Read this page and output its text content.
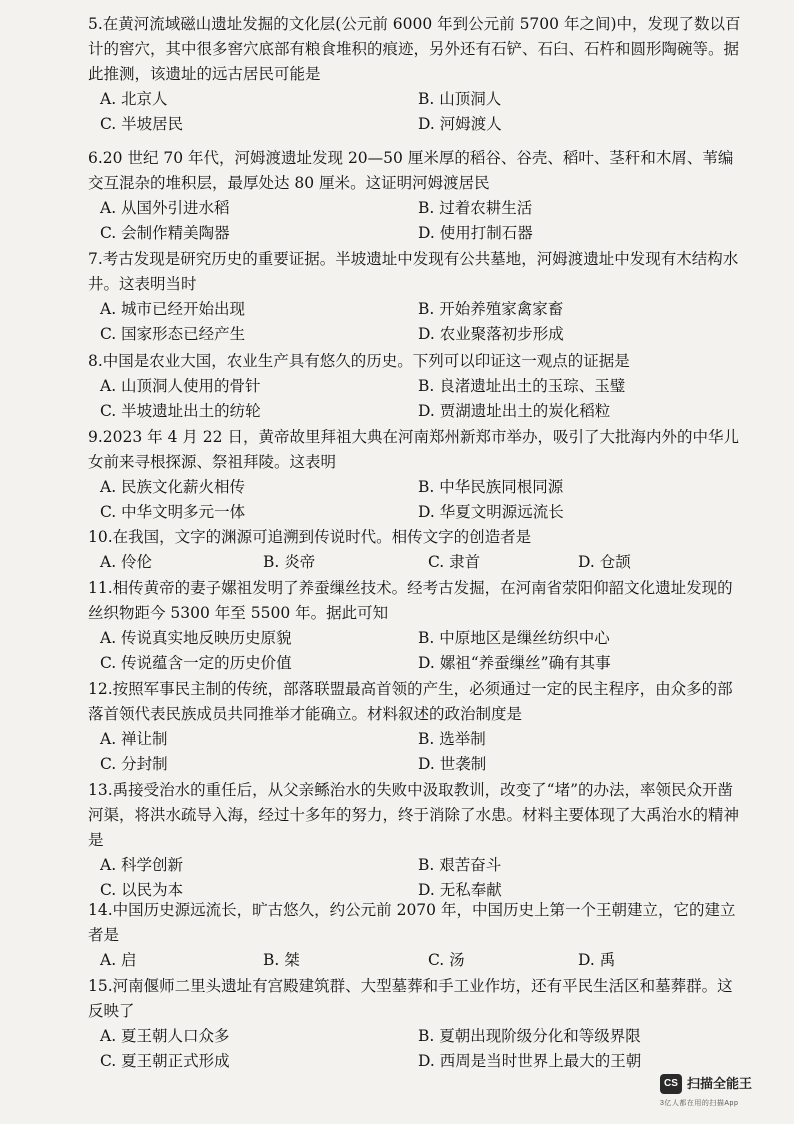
5.在黄河流域磁山遗址发掘的文化层(公元前 6000 年到公元前 5700 年之间)中，发现了数以百计的窖穴，其中很多窖穴底部有粮食堆积的痕迹，另外还有石铲、石臼、石杵和圆形陶碗等。据此推测，该遗址的远古居民可能是

A. 北京人	B. 山顶洞人
C. 半坡居民	D. 河姆渡人

6.20 世纪 70 年代，河姆渡遗址发现 20—50 厘米厚的稻谷、谷壳、稻叶、茎秆和木屑、苇编交互混杂的堆积层，最厚处达 80 厘米。这证明河姆渡居民

A. 从国外引进水稻	B. 过着农耕生活
C. 会制作精美陶器	D. 使用打制石器

7.考古发现是研究历史的重要证据。半坡遗址中发现有公共墓地，河姆渡遗址中发现有木结构水井。这表明当时

A. 城市已经开始出现	B. 开始养殖家禽家畜
C. 国家形态已经产生	D. 农业聚落初步形成

8.中国是农业大国，农业生产具有悠久的历史。下列可以印证这一观点的证据是

A. 山顶洞人使用的骨针	B. 良渚遗址出土的玉琮、玉璧
C. 半坡遗址出土的纺轮	D. 贾湖遗址出土的炭化稻粒

9.2023 年 4 月 22 日，黄帝故里拜祖大典在河南郑州新郑市举办，吸引了大批海内外的中华儿女前来寻根探源、祭祖拜陵。这表明

A. 民族文化薪火相传	B. 中华民族同根同源
C. 中华文明多元一体	D. 华夏文明源远流长

10.在我国，文字的渊源可追溯到传说时代。相传文字的创造者是

A. 伶伦	B. 炎帝	C. 隶首	D. 仓颉

11.相传黄帝的妻子嫘祖发明了养蚕缫丝技术。经考古发掘，在河南省荥阳仰韶文化遗址发现的丝织物距今 5300 年至 5500 年。据此可知

A. 传说真实地反映历史原貌	B. 中原地区是缫丝纺织中心
C. 传说蕴含一定的历史价值	D. 嫘祖“养蚕缫丝”确有其事

12.按照军事民主制的传统，部落联盟最高首领的产生，必须通过一定的民主程序，由众多的部落首领代表民族成员共同推举才能确立。材料叙述的政治制度是

A. 禅让制	B. 选举制
C. 分封制	D. 世袭制

13.禹接受治水的重任后，从父亲鲧治水的失败中汲取教训，改变了“堵”的办法，率领民众开凿河渠，将洪水疏导入海，经过十多年的努力，终于消除了水患。材料主要体现了大禹治水的精神是

A. 科学创新	B. 艰苦奋斗
C. 以民为本	D. 无私奉献

14.中国历史源远流长，旷古悠久，约公元前 2070 年，中国历史上第一个王朝建立，它的建立者是

A. 启	B. 桀	C. 汤	D. 禹

15.河南偃师二里头遗址有宫殿建筑群、大型墓葬和手工业作坊，还有平民生活区和墓葬群。这反映了

A. 夏王朝人口众多	B. 夏朝出现阶级分化和等级界限
C. 夏王朝正式形成	D. 西周是当时世界上最大的王朝
CS 扫描全能王
3亿人都在用的扫描App
